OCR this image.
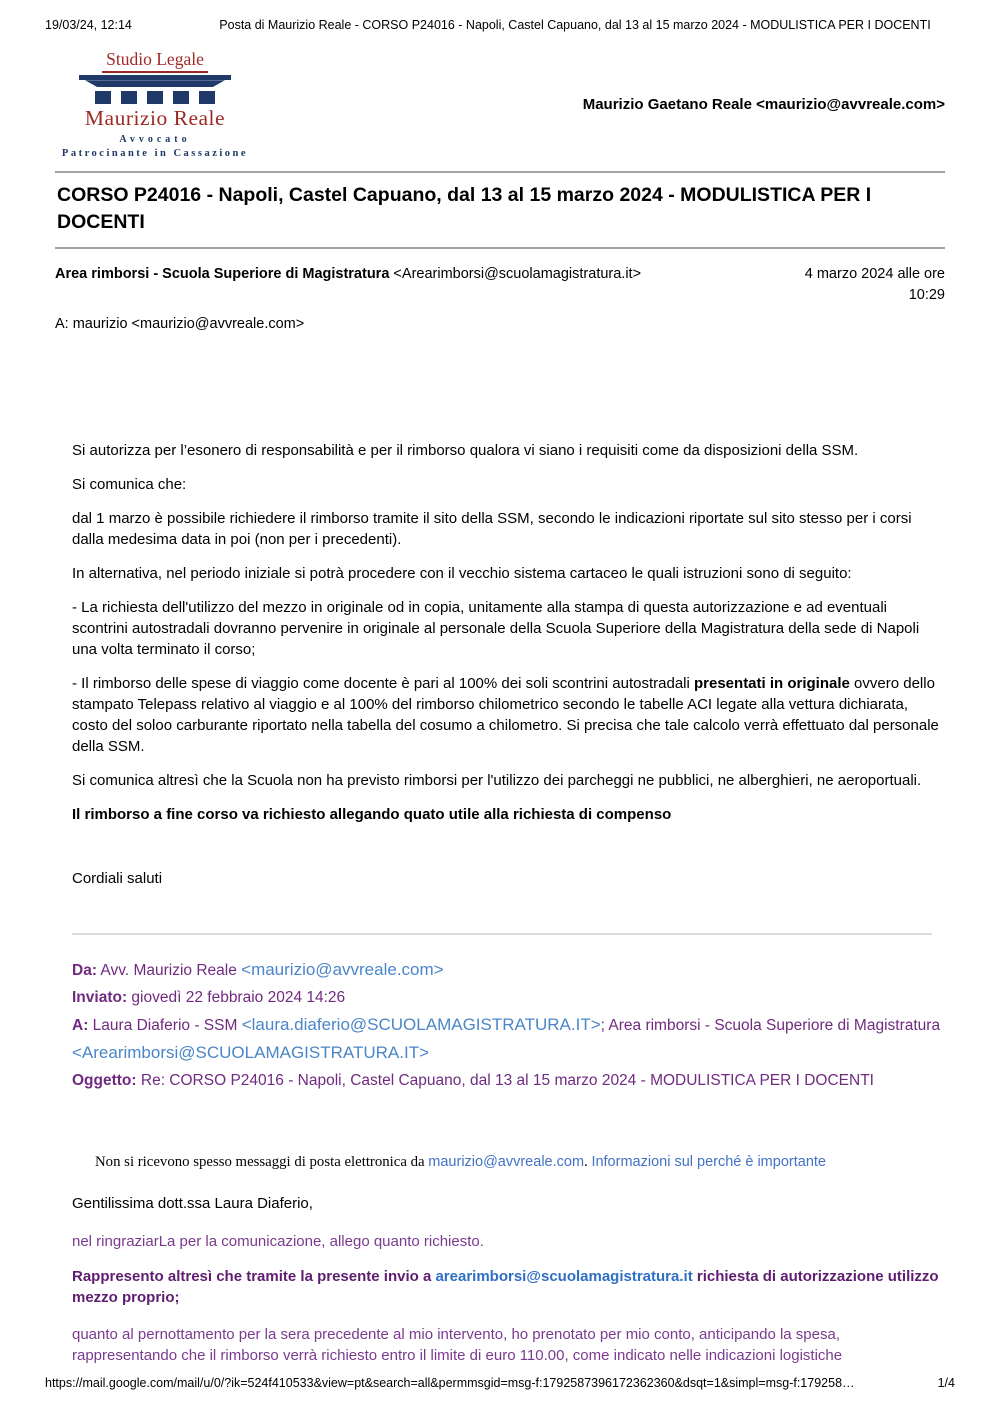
19/03/24, 12:14	Posta di Maurizio Reale - CORSO P24016 - Napoli, Castel Capuano, dal 13 al 15 marzo 2024 - MODULISTICA PER I DOCENTI
Studio Legale
Maurizio Reale
Avvocato
Patrocinante in Cassazione
Maurizio Gaetano Reale <maurizio@avvreale.com>
CORSO P24016 - Napoli, Castel Capuano, dal 13 al 15 marzo 2024 - MODULISTICA PER I DOCENTI
Area rimborsi - Scuola Superiore di Magistratura <Arearimborsi@scuolamagistratura.it>	4 marzo 2024 alle ore
10:29
A: maurizio <maurizio@avvreale.com>

Si autorizza per l’esonero di responsabilità e per il rimborso qualora vi siano i requisiti come da disposizioni della SSM.

Si comunica che:

dal 1 marzo è possibile richiedere il rimborso tramite il sito della SSM, secondo le indicazioni riportate sul sito stesso per i corsi dalla medesima data in poi (non per i precedenti).

In alternativa, nel periodo iniziale si potrà procedere con il vecchio sistema cartaceo le quali istruzioni sono di seguito:

- La richiesta dell'utilizzo del mezzo in originale od in copia, unitamente alla stampa di questa autorizzazione e ad eventuali scontrini autostradali dovranno pervenire in originale al personale della Scuola Superiore della Magistratura della sede di Napoli una volta terminato il corso;

- Il rimborso delle spese di viaggio come docente è pari al 100% dei soli scontrini autostradali presentati in originale ovvero dello stampato Telepass relativo al viaggio e al 100% del rimborso chilometrico secondo le tabelle ACI legate alla vettura dichiarata, costo del soloo carburante riportato nella tabella del cosumo a chilometro. Si precisa che tale calcolo verrà effettuato dal personale della SSM.

Si comunica altresì che la Scuola non ha previsto rimborsi per l'utilizzo dei parcheggi ne pubblici, ne alberghieri, ne aeroportuali.

Il rimborso a fine corso va richiesto allegando quato utile alla richiesta di compenso

Cordiali saluti

Da: Avv. Maurizio Reale <maurizio@avvreale.com>
Inviato: giovedì 22 febbraio 2024 14:26
A: Laura Diaferio - SSM <laura.diaferio@SCUOLAMAGISTRATURA.IT>; Area rimborsi - Scuola Superiore di Magistratura <Arearimborsi@SCUOLAMAGISTRATURA.IT>
Oggetto: Re: CORSO P24016 - Napoli, Castel Capuano, dal 13 al 15 marzo 2024 - MODULISTICA PER I DOCENTI
Non si ricevono spesso messaggi di posta elettronica da maurizio@avvreale.com. Informazioni sul perché è importante
Gentilissima dott.ssa Laura Diaferio,
nel ringraziarLa per la comunicazione, allego quanto richiesto.
Rappresento altresì che tramite la presente invio a arearimborsi@scuolamagistratura.it richiesta di autorizzazione utilizzo mezzo proprio;
quanto al pernottamento per la sera precedente al mio intervento, ho prenotato per mio conto, anticipando la spesa, rappresentando che il rimborso verrà richiesto entro il limite di euro 110.00, come indicato nelle indicazioni logistiche
https://mail.google.com/mail/u/0/?ik=524f410533&view=pt&search=all&permmsgid=msg-f:1792587396172362360&dsqt=1&simpl=msg-f:179258…	1/4
